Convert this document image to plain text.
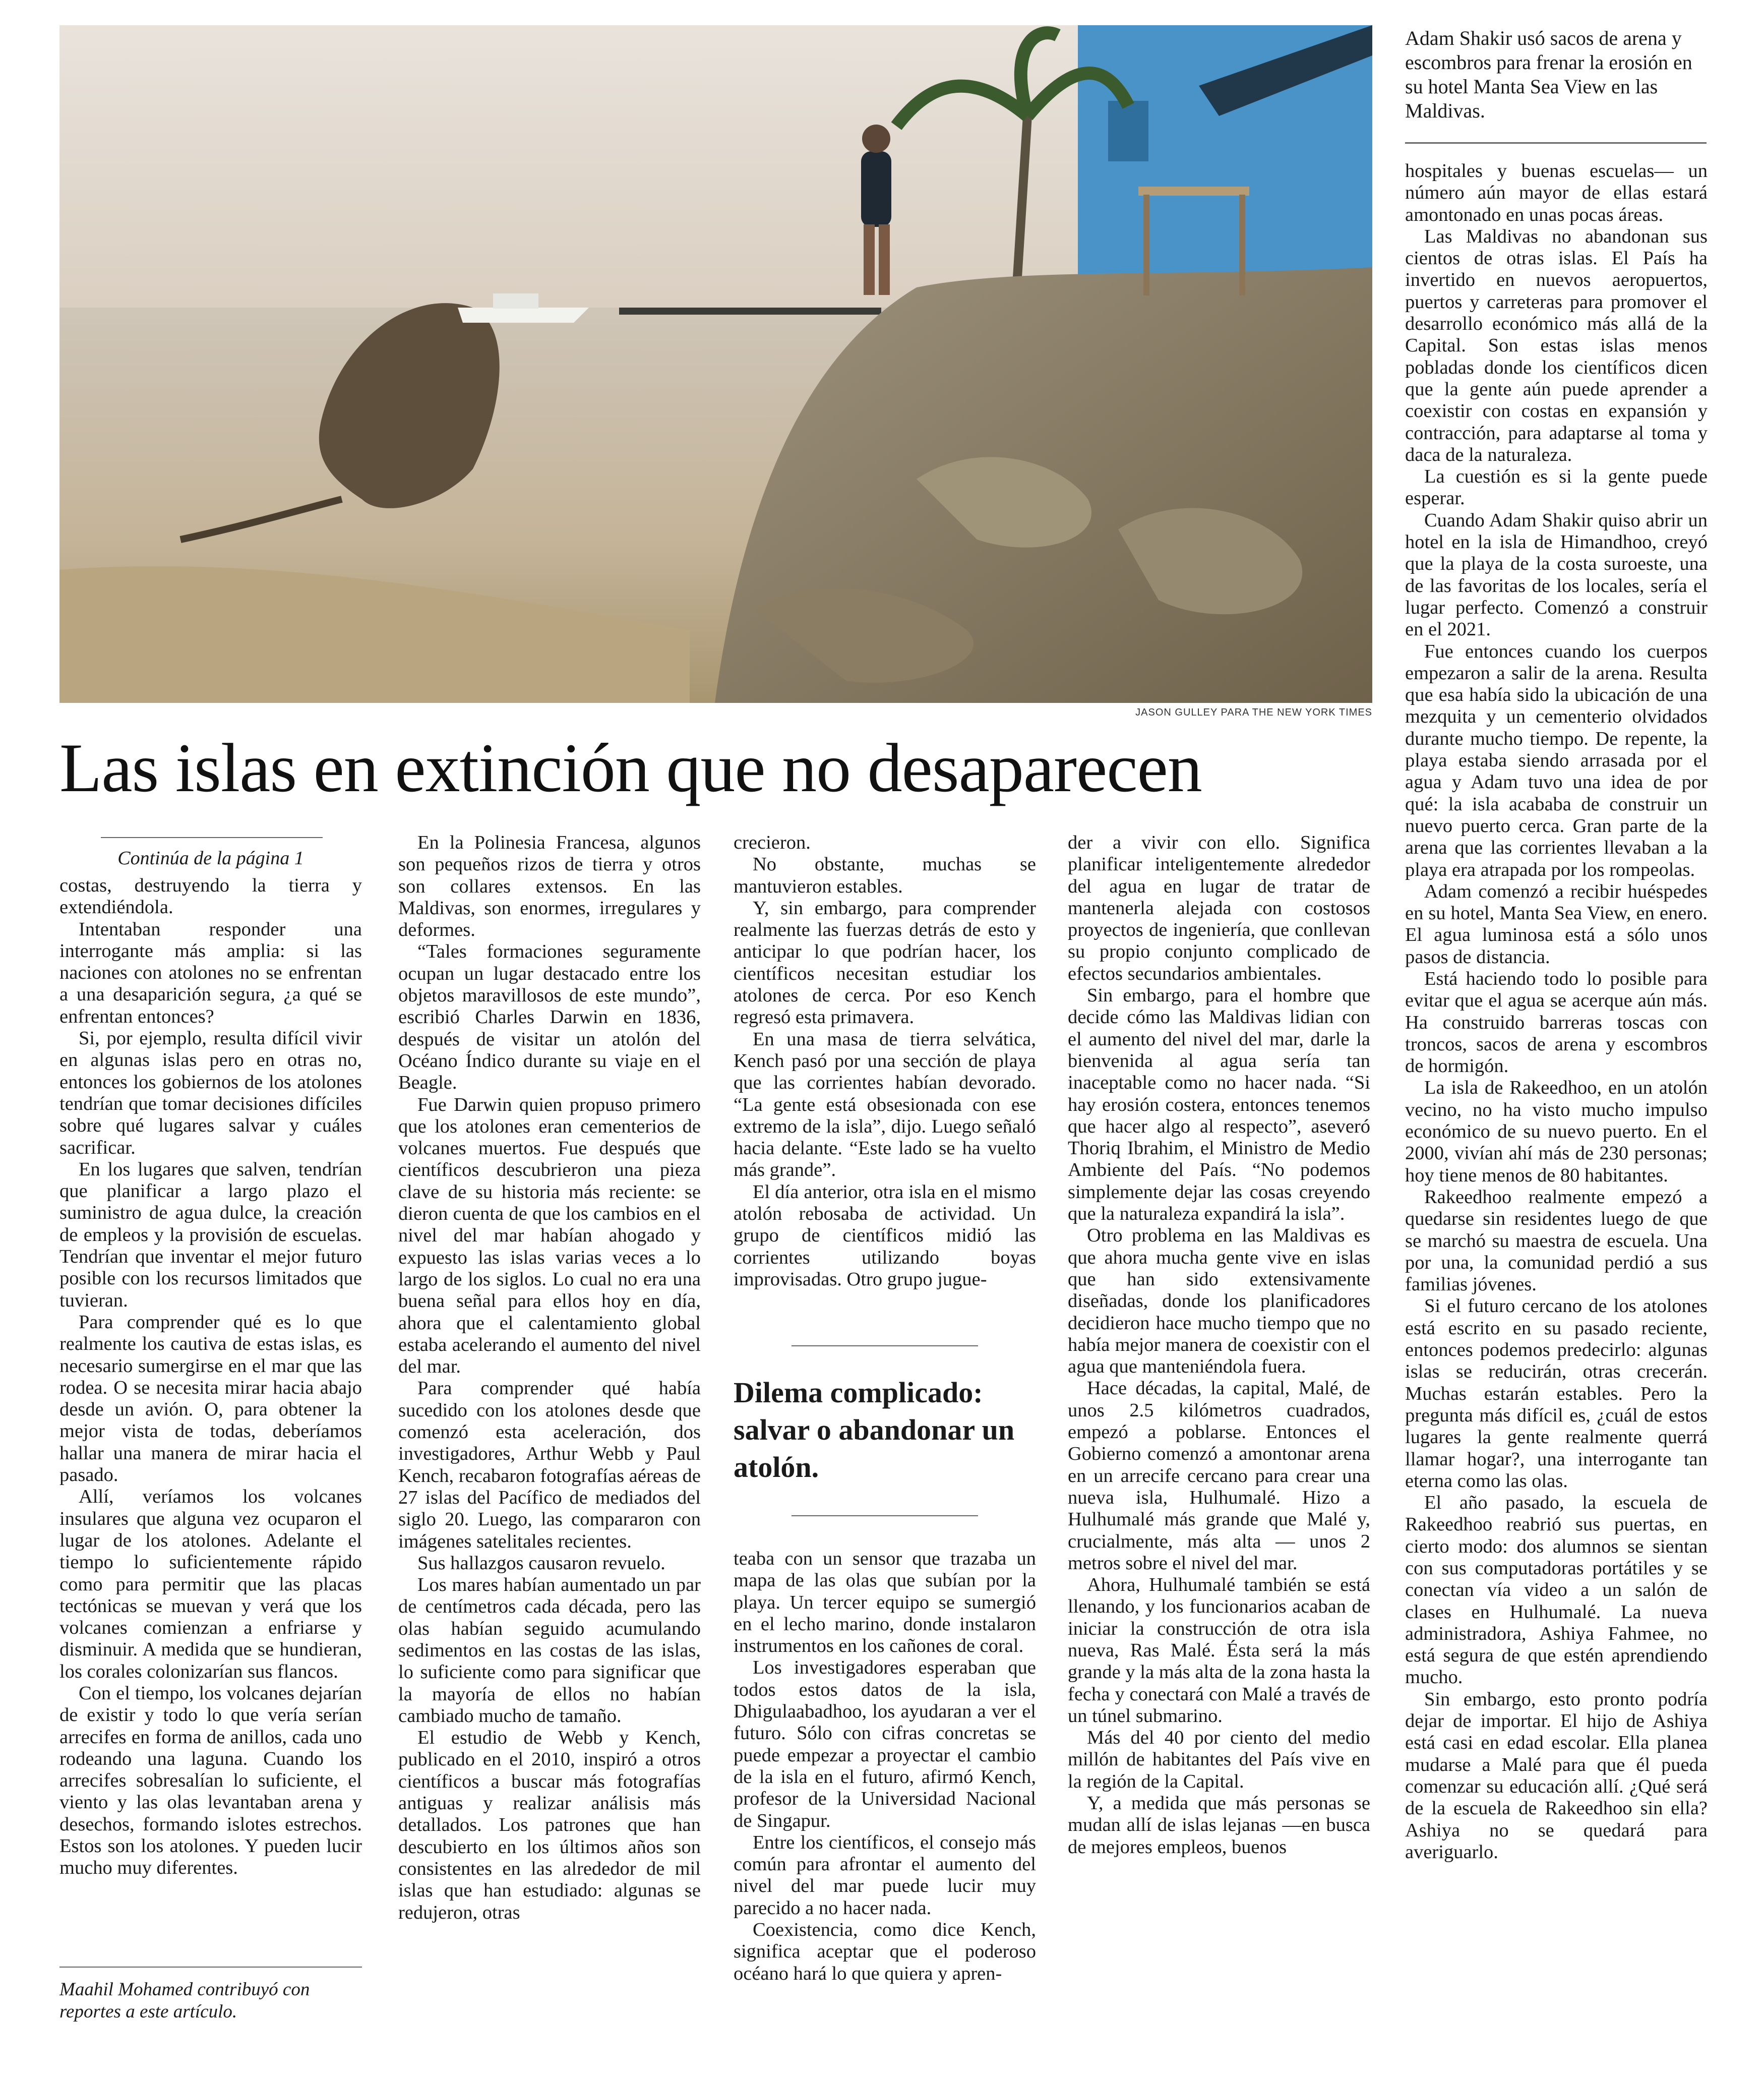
JASON GULLEY PARA THE NEW YORK TIMES
Adam Shakir usó sacos de arena y escombros para frenar la erosión en su hotel Manta Sea View en las Maldivas.
Las islas en extinción que no desaparecen
Continúa de la página 1

costas, destruyendo la tierra y extendiéndola.

Intentaban responder una interrogante más amplia: si las naciones con atolones no se enfrentan a una desaparición segura, ¿a qué se enfrentan entonces?

Si, por ejemplo, resulta difícil vivir en algunas islas pero en otras no, entonces los gobiernos de los atolones tendrían que tomar decisiones difíciles sobre qué lugares salvar y cuáles sacrificar.

En los lugares que salven, tendrían que planificar a largo plazo el suministro de agua dulce, la creación de empleos y la provisión de escuelas. Tendrían que inventar el mejor futuro posible con los recursos limitados que tuvieran.

Para comprender qué es lo que realmente los cautiva de estas islas, es necesario sumergirse en el mar que las rodea. O se necesita mirar hacia abajo desde un avión. O, para obtener la mejor vista de todas, deberíamos hallar una manera de mirar hacia el pasado.

Allí, veríamos los volcanes insulares que alguna vez ocuparon el lugar de los atolones. Adelante el tiempo lo suficientemente rápido como para permitir que las placas tectónicas se muevan y verá que los volcanes comienzan a enfriarse y disminuir. A medida que se hundieran, los corales colonizarían sus flancos.

Con el tiempo, los volcanes dejarían de existir y todo lo que vería serían arrecifes en forma de anillos, cada uno rodeando una laguna. Cuando los arrecifes sobresalían lo suficiente, el viento y las olas levantaban arena y desechos, formando islotes estrechos. Estos son los atolones. Y pueden lucir mucho muy diferentes.

Maahil Mohamed contribuyó con reportes a este artículo.

En la Polinesia Francesa, algunos son pequeños rizos de tierra y otros son collares extensos. En las Maldivas, son enormes, irregulares y deformes.

“Tales formaciones seguramente ocupan un lugar destacado entre los objetos maravillosos de este mundo”, escribió Charles Darwin en 1836, después de visitar un atolón del Océano Índico durante su viaje en el Beagle.

Fue Darwin quien propuso primero que los atolones eran cementerios de volcanes muertos. Fue después que científicos descubrieron una pieza clave de su historia más reciente: se dieron cuenta de que los cambios en el nivel del mar habían ahogado y expuesto las islas varias veces a lo largo de los siglos. Lo cual no era una buena señal para ellos hoy en día, ahora que el calentamiento global estaba acelerando el aumento del nivel del mar.

Para comprender qué había sucedido con los atolones desde que comenzó esta aceleración, dos investigadores, Arthur Webb y Paul Kench, recabaron fotografías aéreas de 27 islas del Pacífico de mediados del siglo 20. Luego, las compararon con imágenes satelitales recientes.

Sus hallazgos causaron revuelo.

Los mares habían aumentado un par de centímetros cada década, pero las olas habían seguido acumulando sedimentos en las costas de las islas, lo suficiente como para significar que la mayoría de ellos no habían cambiado mucho de tamaño.

El estudio de Webb y Kench, publicado en el 2010, inspiró a otros científicos a buscar más fotografías antiguas y realizar análisis más detallados. Los patrones que han descubierto en los últimos años son consistentes en las alrededor de mil islas que han estudiado: algunas se redujeron, otras

crecieron.

No obstante, muchas se mantuvieron estables.

Y, sin embargo, para comprender realmente las fuerzas detrás de esto y anticipar lo que podrían hacer, los científicos necesitan estudiar los atolones de cerca. Por eso Kench regresó esta primavera.

En una masa de tierra selvática, Kench pasó por una sección de playa que las corrientes habían devorado. “La gente está obsesionada con ese extremo de la isla”, dijo. Luego señaló hacia delante. “Este lado se ha vuelto más grande”.

El día anterior, otra isla en el mismo atolón rebosaba de actividad. Un grupo de científicos midió las corrientes utilizando boyas improvisadas. Otro grupo jugue-

Dilema complicado: salvar o abandonar un atolón.

teaba con un sensor que trazaba un mapa de las olas que subían por la playa. Un tercer equipo se sumergió en el lecho marino, donde instalaron instrumentos en los cañones de coral.

Los investigadores esperaban que todos estos datos de la isla, Dhigulaabadhoo, los ayudaran a ver el futuro. Sólo con cifras concretas se puede empezar a proyectar el cambio de la isla en el futuro, afirmó Kench, profesor de la Universidad Nacional de Singapur.

Entre los científicos, el consejo más común para afrontar el aumento del nivel del mar puede lucir muy parecido a no hacer nada.

Coexistencia, como dice Kench, significa aceptar que el poderoso océano hará lo que quiera y apren-

der a vivir con ello. Significa planificar inteligentemente alrededor del agua en lugar de tratar de mantenerla alejada con costosos proyectos de ingeniería, que conllevan su propio conjunto complicado de efectos secundarios ambientales.

Sin embargo, para el hombre que decide cómo las Maldivas lidian con el aumento del nivel del mar, darle la bienvenida al agua sería tan inaceptable como no hacer nada. “Si hay erosión costera, entonces tenemos que hacer algo al respecto”, aseveró Thoriq Ibrahim, el Ministro de Medio Ambiente del País. “No podemos simplemente dejar las cosas creyendo que la naturaleza expandirá la isla”.

Otro problema en las Maldivas es que ahora mucha gente vive en islas que han sido extensivamente diseñadas, donde los planificadores decidieron hace mucho tiempo que no había mejor manera de coexistir con el agua que manteniéndola fuera.

Hace décadas, la capital, Malé, de unos 2.5 kilómetros cuadrados, empezó a poblarse. Entonces el Gobierno comenzó a amontonar arena en un arrecife cercano para crear una nueva isla, Hulhumalé. Hizo a Hulhumalé más grande que Malé y, crucialmente, más alta — unos 2 metros sobre el nivel del mar.

Ahora, Hulhumalé también se está llenando, y los funcionarios acaban de iniciar la construcción de otra isla nueva, Ras Malé. Ésta será la más grande y la más alta de la zona hasta la fecha y conectará con Malé a través de un túnel submarino.

Más del 40 por ciento del medio millón de habitantes del País vive en la región de la Capital.

Y, a medida que más personas se mudan allí de islas lejanas —en busca de mejores empleos, buenos

hospitales y buenas escuelas— un número aún mayor de ellas estará amontonado en unas pocas áreas.

Las Maldivas no abandonan sus cientos de otras islas. El País ha invertido en nuevos aeropuertos, puertos y carreteras para promover el desarrollo económico más allá de la Capital. Son estas islas menos pobladas donde los científicos dicen que la gente aún puede aprender a coexistir con costas en expansión y contracción, para adaptarse al toma y daca de la naturaleza.

La cuestión es si la gente puede esperar.

Cuando Adam Shakir quiso abrir un hotel en la isla de Himandhoo, creyó que la playa de la costa suroeste, una de las favoritas de los locales, sería el lugar perfecto. Comenzó a construir en el 2021.

Fue entonces cuando los cuerpos empezaron a salir de la arena. Resulta que esa había sido la ubicación de una mezquita y un cementerio olvidados durante mucho tiempo. De repente, la playa estaba siendo arrasada por el agua y Adam tuvo una idea de por qué: la isla acababa de construir un nuevo puerto cerca. Gran parte de la arena que las corrientes llevaban a la playa era atrapada por los rompeolas.

Adam comenzó a recibir huéspedes en su hotel, Manta Sea View, en enero. El agua luminosa está a sólo unos pasos de distancia.

Está haciendo todo lo posible para evitar que el agua se acerque aún más. Ha construido barreras toscas con troncos, sacos de arena y escombros de hormigón.

La isla de Rakeedhoo, en un atolón vecino, no ha visto mucho impulso económico de su nuevo puerto. En el 2000, vivían ahí más de 230 personas; hoy tiene menos de 80 habitantes.

Rakeedhoo realmente empezó a quedarse sin residentes luego de que se marchó su maestra de escuela. Una por una, la comunidad perdió a sus familias jóvenes.

Si el futuro cercano de los atolones está escrito en su pasado reciente, entonces podemos predecirlo: algunas islas se reducirán, otras crecerán. Muchas estarán estables. Pero la pregunta más difícil es, ¿cuál de estos lugares la gente realmente querrá llamar hogar?, una interrogante tan eterna como las olas.

El año pasado, la escuela de Rakeedhoo reabrió sus puertas, en cierto modo: dos alumnos se sientan con sus computadoras portátiles y se conectan vía video a un salón de clases en Hulhumalé. La nueva administradora, Ashiya Fahmee, no está segura de que estén aprendiendo mucho.

Sin embargo, esto pronto podría dejar de importar. El hijo de Ashiya está casi en edad escolar. Ella planea mudarse a Malé para que él pueda comenzar su educación allí. ¿Qué será de la escuela de Rakeedhoo sin ella? Ashiya no se quedará para averiguarlo.
